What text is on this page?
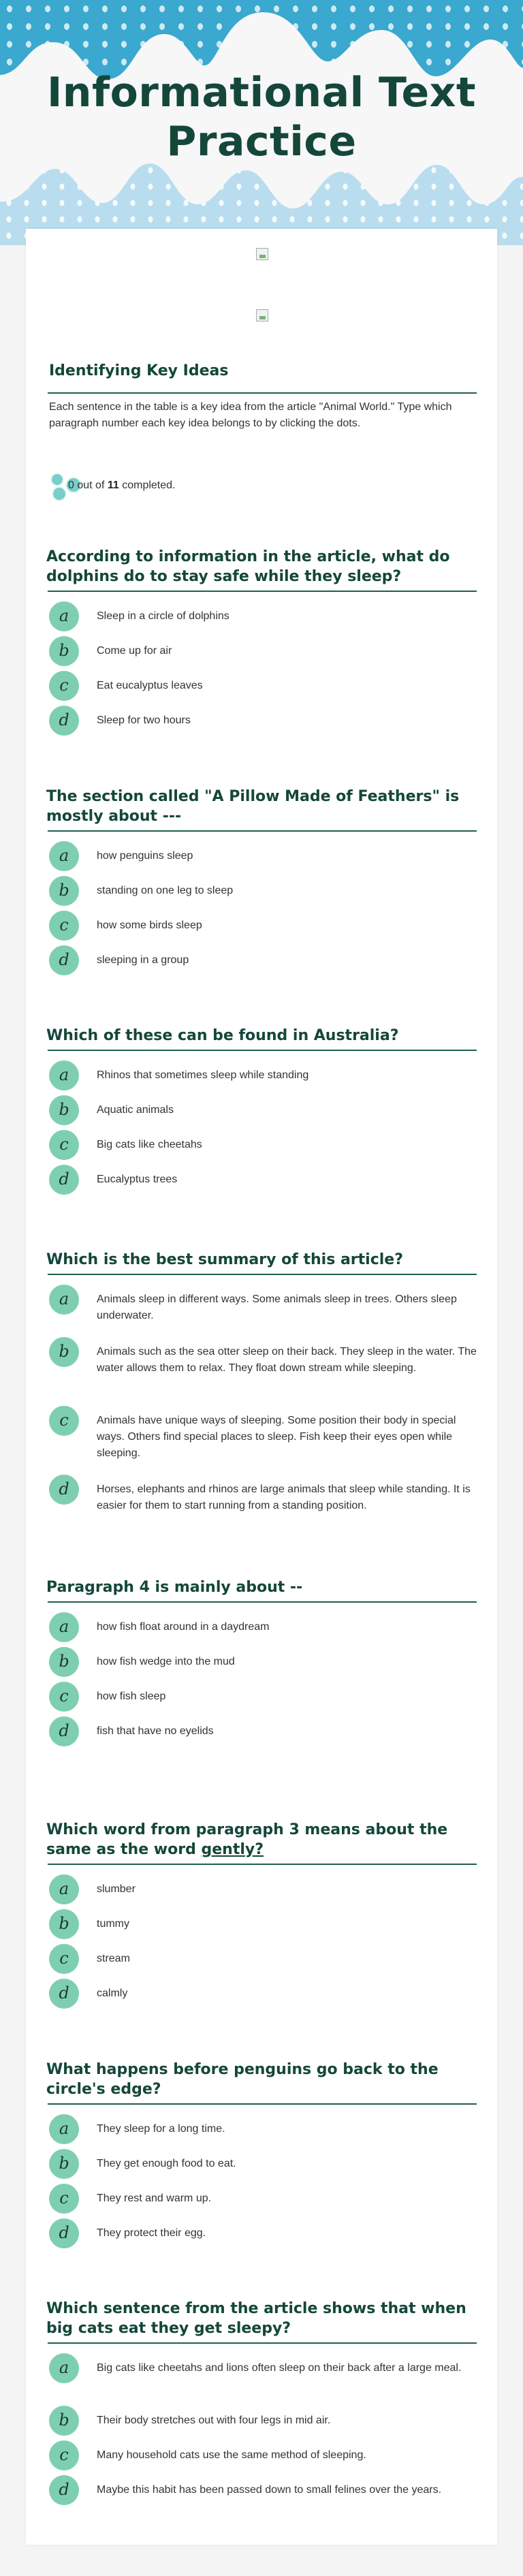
Informational Text Practice
Identifying Key Ideas
Each sentence in the table is a key idea from the article "Animal World." Type which paragraph number each key idea belongs to by clicking the dots.
0 out of 11 completed.
According to information in the article, what do dolphins do to stay safe while they sleep?
a	Sleep in a circle of dolphins
b	Come up for air
c	Eat eucalyptus leaves
d	Sleep for two hours
The section called "A Pillow Made of Feathers" is mostly about ---
a	how penguins sleep
b	standing on one leg to sleep
c	how some birds sleep
d	sleeping in a group
Which of these can be found in Australia?
a	Rhinos that sometimes sleep while standing
b	Aquatic animals
c	Big cats like cheetahs
d	Eucalyptus trees
Which is the best summary of this article?
a	Animals sleep in different ways. Some animals sleep in trees. Others sleep underwater.
b	Animals such as the sea otter sleep on their back. They sleep in the water. The water allows them to relax. They float down stream while sleeping.
c	Animals have unique ways of sleeping. Some position their body in special ways. Others find special places to sleep. Fish keep their eyes open while sleeping.
d	Horses, elephants and rhinos are large animals that sleep while standing. It is easier for them to start running from a standing position.
Paragraph 4 is mainly about --
a	how fish float around in a daydream
b	how fish wedge into the mud
c	how fish sleep
d	fish that have no eyelids
Which word from paragraph 3 means about the same as the word gently?
a	slumber
b	tummy
c	stream
d	calmly
What happens before penguins go back to the circle's edge?
a	They sleep for a long time.
b	They get enough food to eat.
c	They rest and warm up.
d	They protect their egg.
Which sentence from the article shows that when big cats eat they get sleepy?
a	Big cats like cheetahs and lions often sleep on their back after a large meal.
b	Their body stretches out with four legs in mid air.
c	Many household cats use the same method of sleeping.
d	Maybe this habit has been passed down to small felines over the years.
